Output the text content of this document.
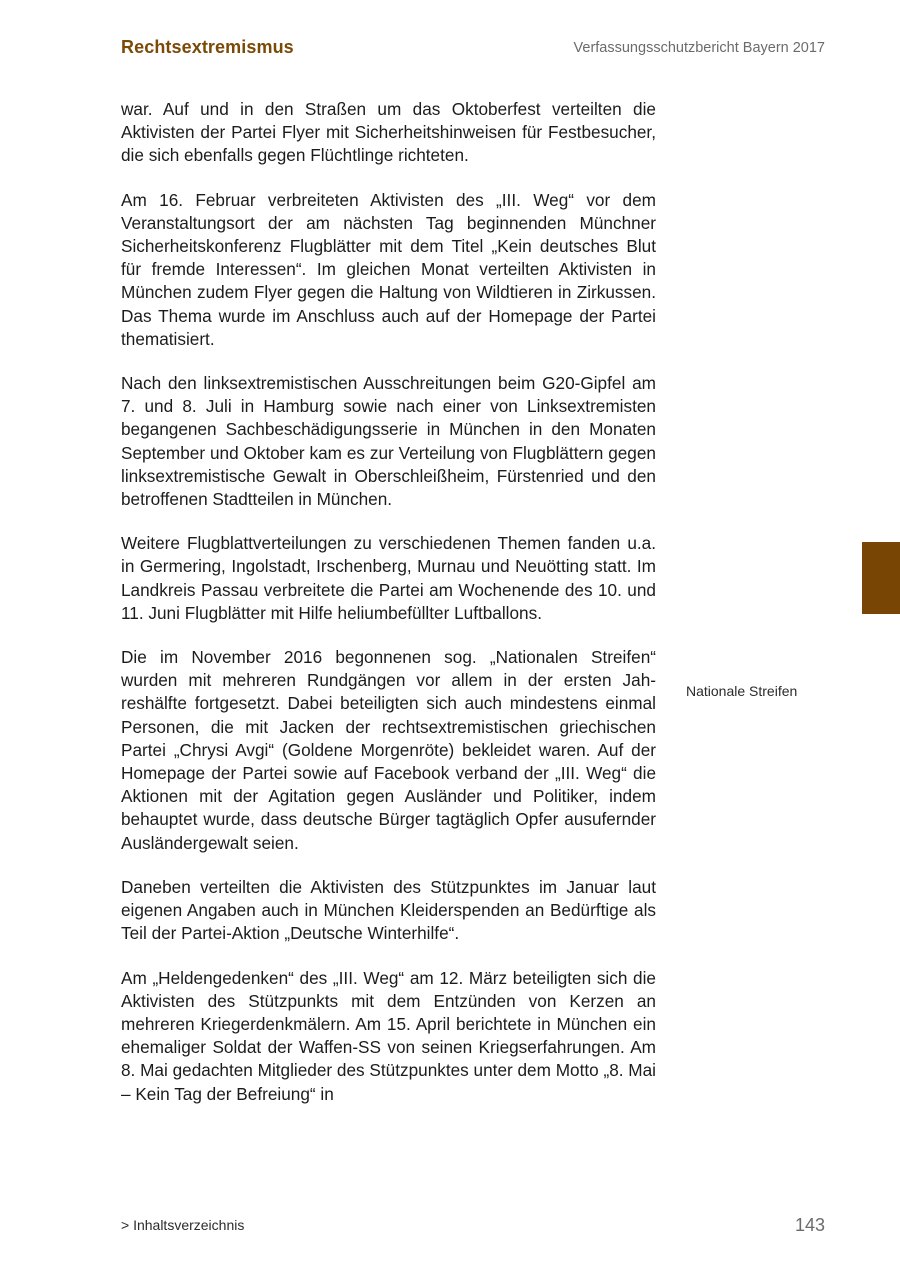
Rechtsextremismus	Verfassungsschutzbericht Bayern 2017

war. Auf und in den Straßen um das Oktoberfest verteilten die Aktivisten der Partei Flyer mit Sicherheitshinweisen für Festbesucher, die sich ebenfalls gegen Flüchtlinge richteten.

Am 16. Februar verbreiteten Aktivisten des „III. Weg“ vor dem Veranstaltungsort der am nächsten Tag beginnenden Münchner Sicherheitskonferenz Flugblätter mit dem Titel „Kein deutsches Blut für fremde Interessen“. Im gleichen Monat verteilten Aktivisten in München zudem Flyer gegen die Haltung von Wildtieren in Zirkussen. Das Thema wurde im Anschluss auch auf der Homepage der Partei thematisiert.

Nach den linksextremistischen Ausschreitungen beim G20-Gipfel am 7. und 8. Juli in Hamburg sowie nach einer von Linksextremisten begangenen Sachbeschädigungsserie in München in den Monaten September und Oktober kam es zur Verteilung von Flugblättern gegen linksextremistische Gewalt in Oberschleißheim, Fürstenried und den betroffenen Stadtteilen in München.

Weitere Flugblattverteilungen zu verschiedenen Themen fanden u.a. in Germering, Ingolstadt, Irschenberg, Murnau und Neuötting statt. Im Landkreis Passau verbreitete die Partei am Wochenende des 10. und 11. Juni Flugblätter mit Hilfe heliumbefüllter Luftballons.

Die im November 2016 begonnenen sog. „Nationalen Streifen“ wurden mit mehreren Rundgängen vor allem in der ersten Jahreshälfte fortgesetzt. Dabei beteiligten sich auch mindestens einmal Personen, die mit Jacken der rechtsextremistischen griechischen Partei „Chrysi Avgi“ (Goldene Morgenröte) bekleidet waren. Auf der Homepage der Partei sowie auf Facebook verband der „III. Weg“ die Aktionen mit der Agitation gegen Ausländer und Politiker, indem behauptet wurde, dass deutsche Bürger tagtäglich Opfer ausufernder Ausländergewalt seien.

Daneben verteilten die Aktivisten des Stützpunktes im Januar laut eigenen Angaben auch in München Kleiderspenden an Bedürftige als Teil der Partei-Aktion „Deutsche Winterhilfe“.

Am „Heldengedenken“ des „III. Weg“ am 12. März beteiligten sich die Aktivisten des Stützpunkts mit dem Entzünden von Kerzen an mehreren Kriegerdenkmälern. Am 15. April berichtete in München ein ehemaliger Soldat der Waffen-SS von seinen Kriegserfahrungen. Am 8. Mai gedachten Mitglieder des Stützpunktes unter dem Motto „8. Mai – Kein Tag der Befreiung“ in

Nationale Streifen
> Inhaltsverzeichnis	143
